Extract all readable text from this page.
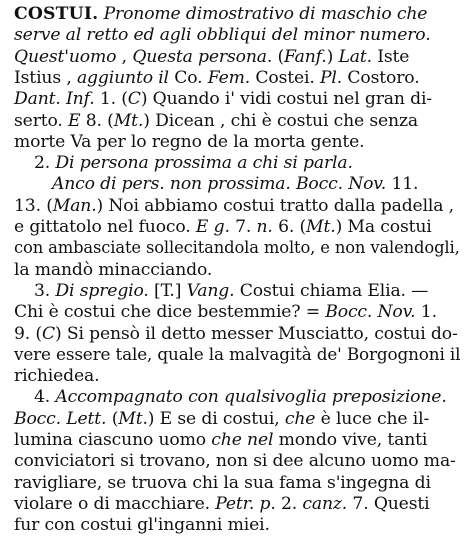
COSTUI. Pronome dimostrativo di maschio che
serve al retto ed agli obbliqui del minor numero.
Quest'uomo , Questa persona. (Fanf.) Lat. Iste
Istius , aggiunto il Co. Fem. Costei. Pl. Costoro.
Dant. Inf. 1. (C) Quando i' vidi costui nel gran di-
serto. E 8. (Mt.) Dicean , chi è costui che senza
morte Va per lo regno de la morta gente.
2. Di persona prossima a chi si parla.
Anco di pers. non prossima. Bocc. Nov. 11.
13. (Man.) Noi abbiamo costui tratto dalla padella ,
e gittatolo nel fuoco. E g. 7. n. 6. (Mt.) Ma costui
con ambasciate sollecitandola molto, e non valendogli,
la mandò minacciando.
3. Di spregio. [T.] Vang. Costui chiama Elia. —
Chi è costui che dice bestemmie? = Bocc. Nov. 1.
9. (C) Si pensò il detto messer Musciatto, costui do-
vere essere tale, quale la malvagità de' Borgognoni il
richiedea.
4. Accompagnato con qualsivoglia preposizione.
Bocc. Lett. (Mt.) E se di costui, che è luce che il-
lumina ciascuno uomo che nel mondo vive, tanti
conviciatori si trovano, non si dee alcuno uomo ma-
ravigliare, se truova chi la sua fama s'ingegna di
violare o di macchiare. Petr. p. 2. canz. 7. Questi
fur con costui gl'inganni miei.
